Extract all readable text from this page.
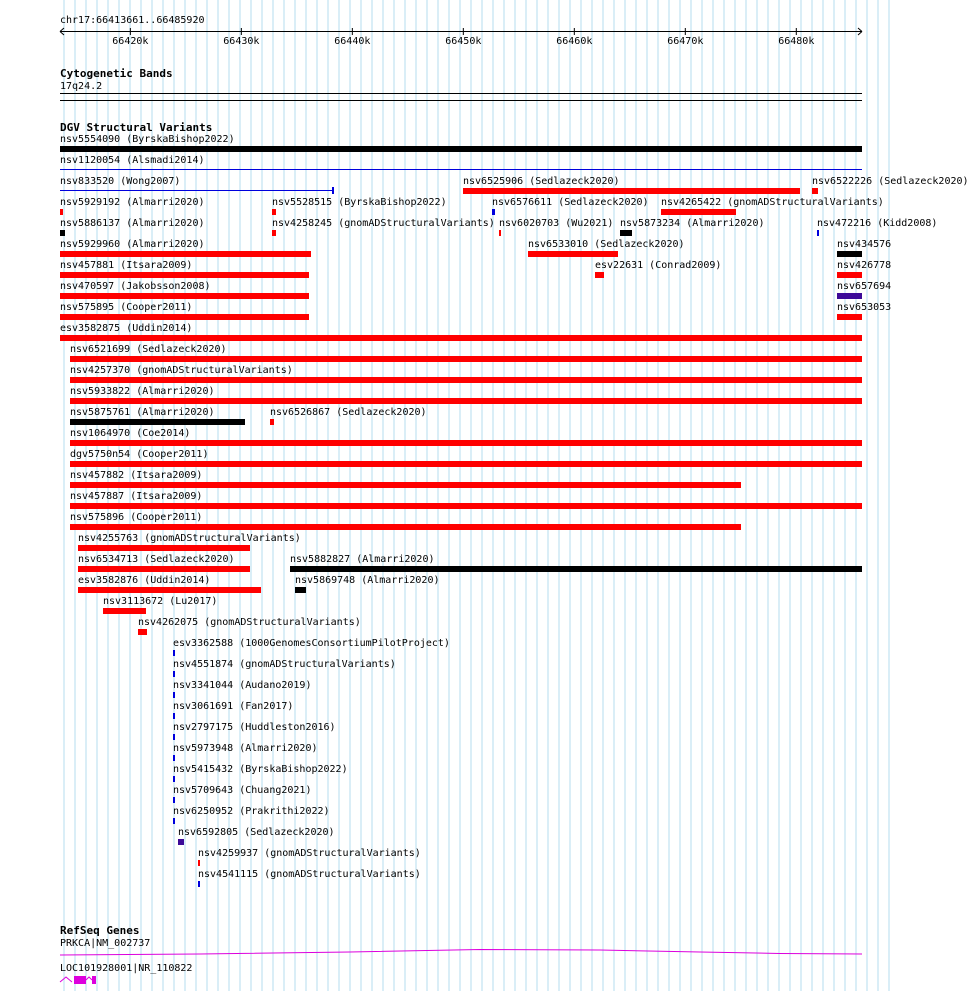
chr17:66413661..66485920
66420k	66430k	66440k	66450k	66460k	66470k	66480k
Cytogenetic Bands
17q24.2
DGV Structural Variants
nsv5554090 (ByrskaBishop2022)
nsv1120054 (Alsmadi2014)
nsv833520 (Wong2007)	nsv6525906 (Sedlazeck2020)	nsv6522226 (Sedlazeck2020)
nsv5929192 (Almarri2020)	nsv5528515 (ByrskaBishop2022)	nsv6576611 (Sedlazeck2020) nsv4265422 (gnomADStructuralVariants)
nsv5886137 (Almarri2020)	nsv4258245 (gnomADStructuralVariants) nsv6020703 (Wu2021) nsv5873234 (Almarri2020)	nsv472216 (Kidd2008)
nsv5929960 (Almarri2020)	nsv6533010 (Sedlazeck2020)	nsv434576
nsv457881 (Itsara2009)	esv22631 (Conrad2009)	nsv426778
nsv470597 (Jakobsson2008)	nsv657694
nsv575895 (Cooper2011)	nsv653053
esv3582875 (Uddin2014)
nsv6521699 (Sedlazeck2020)
nsv4257370 (gnomADStructuralVariants)
nsv5933822 (Almarri2020)
nsv5875761 (Almarri2020)	nsv6526867 (Sedlazeck2020)
nsv1064970 (Coe2014)
dgv5750n54 (Cooper2011)
nsv457882 (Itsara2009)
nsv457887 (Itsara2009)
nsv575896 (Cooper2011)
nsv4255763 (gnomADStructuralVariants)
nsv6534713 (Sedlazeck2020)	nsv5882827 (Almarri2020)
esv3582876 (Uddin2014)	nsv5869748 (Almarri2020)
nsv3113672 (Lu2017)
nsv4262075 (gnomADStructuralVariants)
esv3362588 (1000GenomesConsortiumPilotProject)
nsv4551874 (gnomADStructuralVariants)
nsv3341044 (Audano2019)
nsv3061691 (Fan2017)
nsv2797175 (Huddleston2016)
nsv5973948 (Almarri2020)
nsv5415432 (ByrskaBishop2022)
nsv5709643 (Chuang2021)
nsv6250952 (Prakrithi2022)
nsv6592805 (Sedlazeck2020)
nsv4259937 (gnomADStructuralVariants)
nsv4541115 (gnomADStructuralVariants)
RefSeq Genes
PRKCA|NM_002737
LOC101928001|NR_110822
